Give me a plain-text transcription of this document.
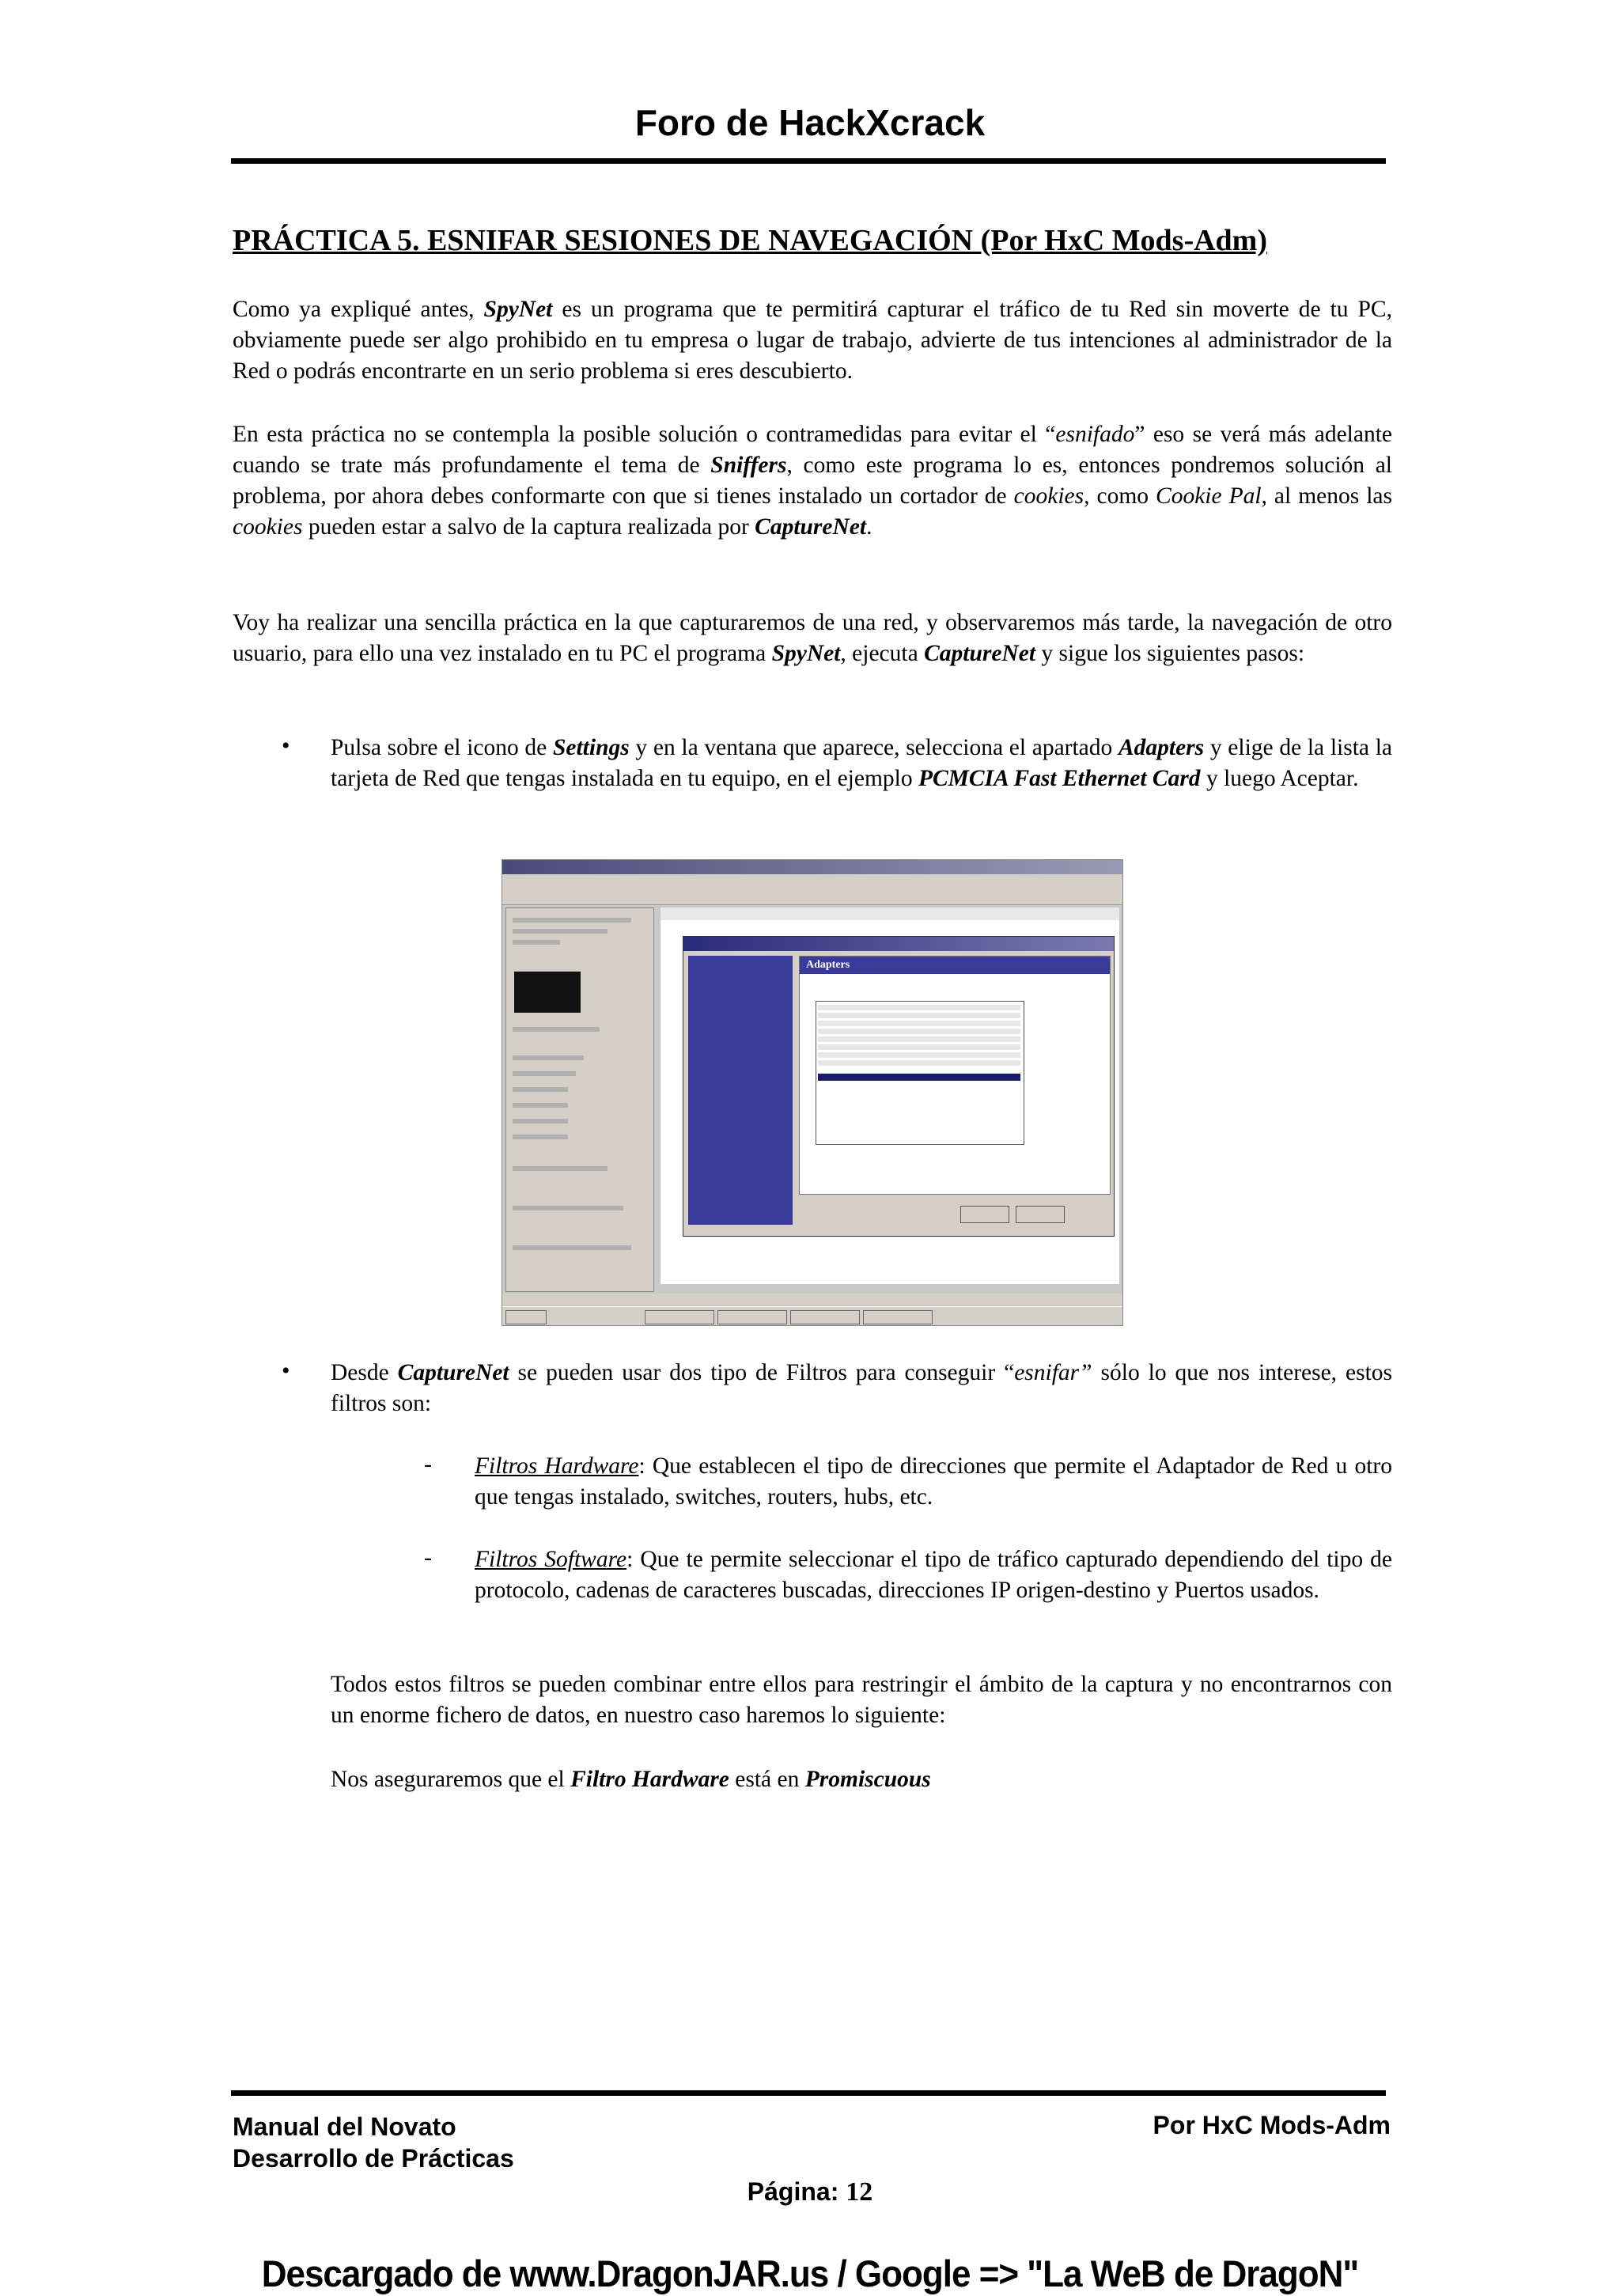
Foro de HackXcrack
PRÁCTICA 5. ESNIFAR SESIONES DE NAVEGACIÓN (Por HxC Mods-Adm)
Como ya expliqué antes, SpyNet es un programa que te permitirá capturar el tráfico de tu Red sin moverte de tu PC, obviamente puede ser algo prohibido en tu empresa o lugar de trabajo, advierte de tus intenciones al administrador de la Red o podrás encontrarte en un serio problema si eres descubierto.
En esta práctica no se contempla la posible solución o contramedidas para evitar el “esnifado” eso se verá más adelante cuando se trate más profundamente el tema de Sniffers, como este programa lo es, entonces pondremos solución al problema, por ahora debes conformarte con que si tienes instalado un cortador de cookies, como Cookie Pal, al menos las cookies pueden estar a salvo de la captura realizada por CaptureNet.
Voy ha realizar una sencilla práctica en la que capturaremos de una red, y observaremos más tarde, la navegación de otro usuario, para ello una vez instalado en tu PC el programa SpyNet, ejecuta CaptureNet y sigue los siguientes pasos:
• Pulsa sobre el icono de Settings y en la ventana que aparece, selecciona el apartado Adapters y elige de la lista la tarjeta de Red que tengas instalada en tu equipo, en el ejemplo PCMCIA Fast Ethernet Card y luego Aceptar.
Adapters
• Desde CaptureNet se pueden usar dos tipo de Filtros para conseguir “esnifar” sólo lo que nos interese, estos filtros son:
- Filtros Hardware: Que establecen el tipo de direcciones que permite el Adaptador de Red u otro que tengas instalado, switches, routers, hubs, etc.
- Filtros Software: Que te permite seleccionar el tipo de tráfico capturado dependiendo del tipo de protocolo, cadenas de caracteres buscadas, direcciones IP origen-destino y Puertos usados.
Todos estos filtros se pueden combinar entre ellos para restringir el ámbito de la captura y no encontrarnos con un enorme fichero de datos, en nuestro caso haremos lo siguiente:
Nos aseguraremos que el Filtro Hardware está en Promiscuous
Manual del Novato
Desarrollo de Prácticas
Por HxC Mods-Adm
Página: 12
Descargado de www.DragonJAR.us / Google => "La WeB de DragoN"
